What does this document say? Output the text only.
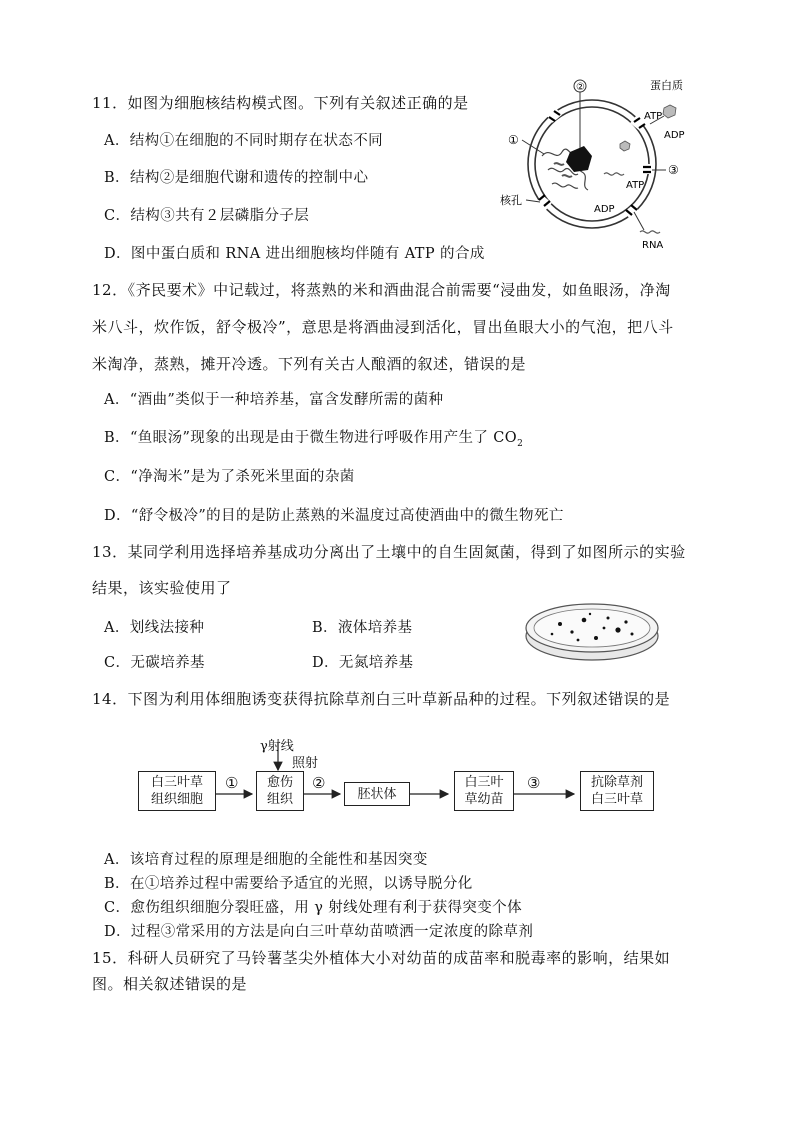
11．如图为细胞核结构模式图。下列有关叙述正确的是
A．结构①在细胞的不同时期存在状态不同
B．结构②是细胞代谢和遗传的控制中心
C．结构③共有２层磷脂分子层
D．图中蛋白质和 RNA 进出细胞核均伴随有 ATP 的合成
②
①
③
核孔
蛋白质
ATP
ADP
ATP
ADP
RNA
12．《齐民要术》中记载过，将蒸熟的米和酒曲混合前需要“浸曲发，如鱼眼汤，净淘
米八斗，炊作饭，舒令极冷”，意思是将酒曲浸到活化，冒出鱼眼大小的气泡，把八斗
米淘净，蒸熟，摊开冷透。下列有关古人酿酒的叙述，错误的是
A．“酒曲”类似于一种培养基，富含发酵所需的菌种
B．“鱼眼汤”现象的出现是由于微生物进行呼吸作用产生了 $CO_2$
C．“净淘米”是为了杀死米里面的杂菌
D．“舒令极冷”的目的是防止蒸熟的米温度过高使酒曲中的微生物死亡
13．某同学利用选择培养基成功分离出了土壤中的自生固氮菌，得到了如图所示的实验
结果，该实验使用了
A．划线法接种	B．液体培养基
C．无碳培养基	D．无氮培养基
14．下图为利用体细胞诱变获得抗除草剂白三叶草新品种的过程。下列叙述错误的是
γ射线
照射
白三叶草
组织细胞
① 愈伤
组织
②
胚状体
白三叶
草幼苗
③	抗除草剂
白三叶草
A．该培育过程的原理是细胞的全能性和基因突变
B．在①培养过程中需要给予适宜的光照，以诱导脱分化
C．愈伤组织细胞分裂旺盛，用 γ 射线处理有利于获得突变个体
D．过程③常采用的方法是向白三叶草幼苗喷洒一定浓度的除草剂
15．科研人员研究了马铃薯茎尖外植体大小对幼苗的成苗率和脱毒率的影响，结果如
图。相关叙述错误的是
